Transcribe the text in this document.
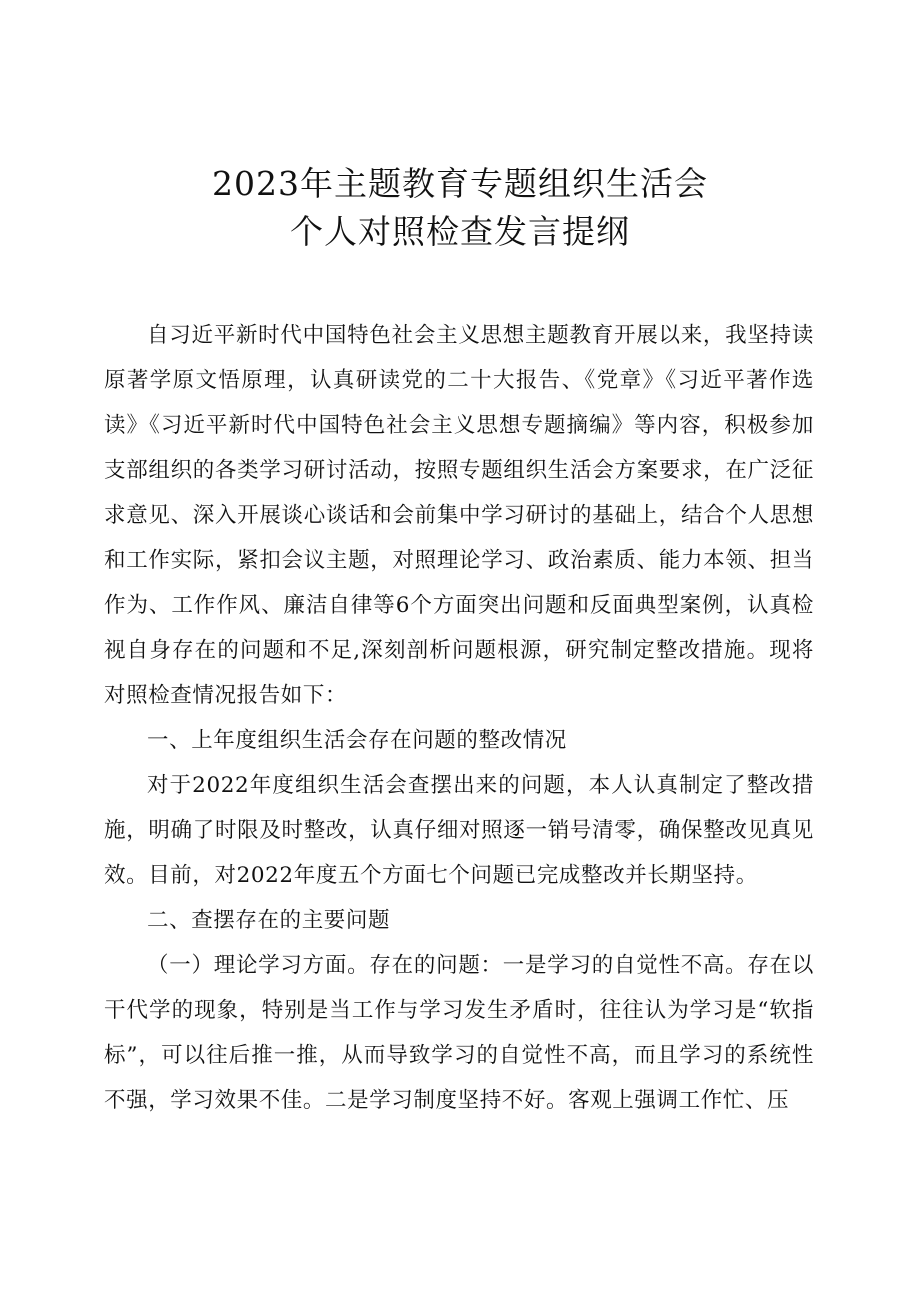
2023年主题教育专题组织生活会
个人对照检查发言提纲

自习近平新时代中国特色社会主义思想主题教育开展以来，我坚持读原著学原文悟原理，认真研读党的二十大报告、《党章》《习近平著作选读》《习近平新时代中国特色社会主义思想专题摘编》等内容，积极参加支部组织的各类学习研讨活动，按照专题组织生活会方案要求，在广泛征求意见、深入开展谈心谈话和会前集中学习研讨的基础上，结合个人思想和工作实际，紧扣会议主题，对照理论学习、政治素质、能力本领、担当作为、工作作风、廉洁自律等6个方面突出问题和反面典型案例，认真检视自身存在的问题和不足,深刻剖析问题根源，研究制定整改措施。现将对照检查情况报告如下：

一、上年度组织生活会存在问题的整改情况

对于2022年度组织生活会查摆出来的问题，本人认真制定了整改措施，明确了时限及时整改，认真仔细对照逐一销号清零，确保整改见真见效。目前，对2022年度五个方面七个问题已完成整改并长期坚持。

二、查摆存在的主要问题

（一）理论学习方面。存在的问题：一是学习的自觉性不高。存在以干代学的现象，特别是当工作与学习发生矛盾时，往往认为学习是“软指标”，可以往后推一推，从而导致学习的自觉性不高，而且学习的系统性不强，学习效果不佳。二是学习制度坚持不好。客观上强调工作忙、压
